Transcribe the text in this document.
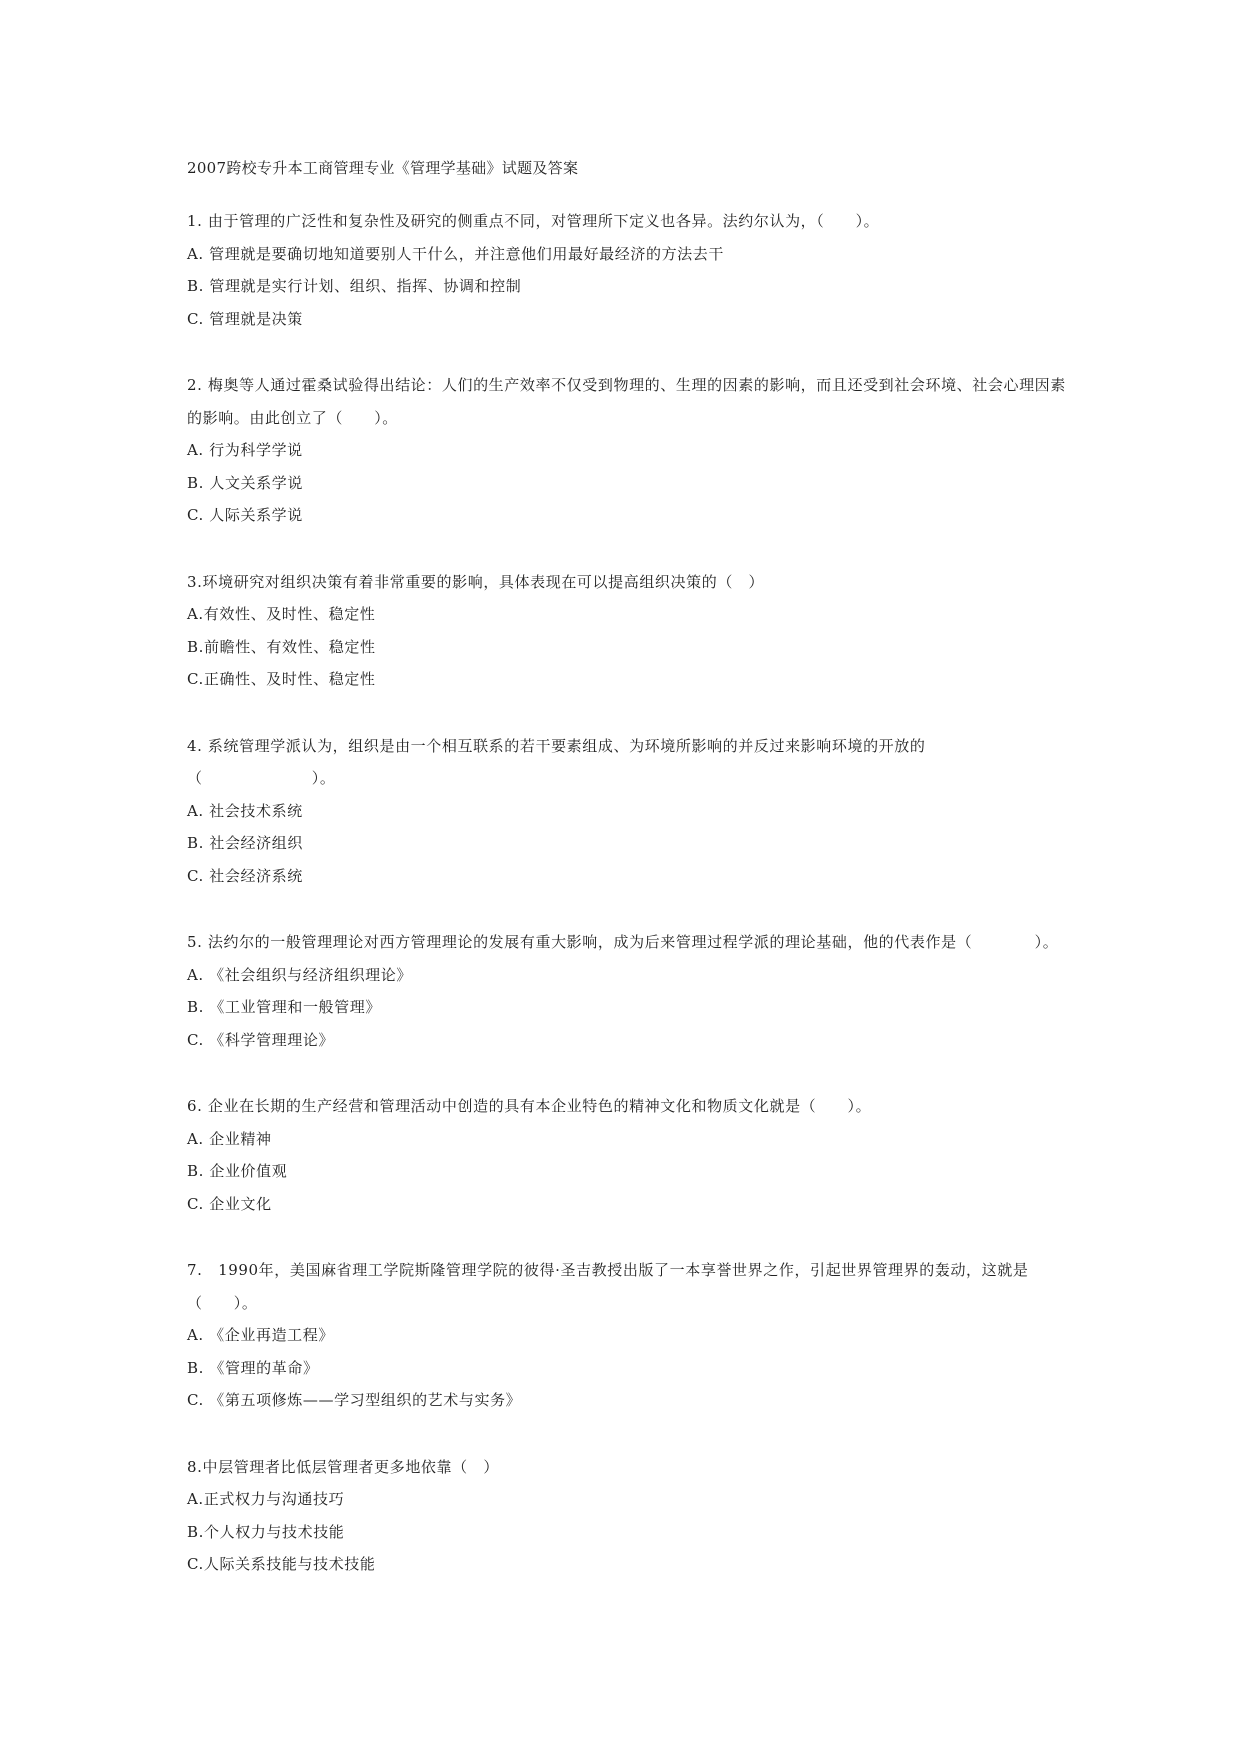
2007跨校专升本工商管理专业《管理学基础》试题及答案
1. 由于管理的广泛性和复杂性及研究的侧重点不同，对管理所下定义也各异。法约尔认为，（　　）。
A. 管理就是要确切地知道要别人干什么，并注意他们用最好最经济的方法去干
B. 管理就是实行计划、组织、指挥、协调和控制
C. 管理就是决策
2. 梅奥等人通过霍桑试验得出结论：人们的生产效率不仅受到物理的、生理的因素的影响，而且还受到社会环境、社会心理因素的影响。由此创立了（　　）。
A. 行为科学学说
B. 人文关系学说
C. 人际关系学说
3.环境研究对组织决策有着非常重要的影响，具体表现在可以提高组织决策的（　）
A.有效性、及时性、稳定性
B.前瞻性、有效性、稳定性
C.正确性、及时性、稳定性
4. 系统管理学派认为，组织是由一个相互联系的若干要素组成、为环境所影响的并反过来影响环境的开放的（　　　　　　　）。
A. 社会技术系统
B. 社会经济组织
C. 社会经济系统
5. 法约尔的一般管理理论对西方管理理论的发展有重大影响，成为后来管理过程学派的理论基础，他的代表作是（　　　　）。
A. 《社会组织与经济组织理论》
B. 《工业管理和一般管理》
C. 《科学管理理论》
6. 企业在长期的生产经营和管理活动中创造的具有本企业特色的精神文化和物质文化就是（　　）。
A. 企业精神
B. 企业价值观
C. 企业文化
7.　1990年，美国麻省理工学院斯隆管理学院的彼得·圣吉教授出版了一本享誉世界之作，引起世界管理界的轰动，这就是（　　）。
A. 《企业再造工程》
B. 《管理的革命》
C. 《第五项修炼——学习型组织的艺术与实务》
8.中层管理者比低层管理者更多地依靠（　）
A.正式权力与沟通技巧
B.个人权力与技术技能
C.人际关系技能与技术技能
